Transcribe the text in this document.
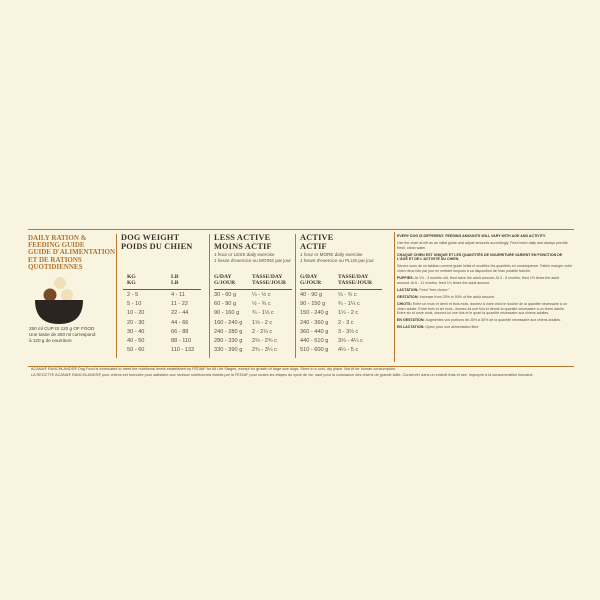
DAILY RATION &
FEEDING GUIDE
GUIDE D'ALIMENTATION
ET DE RATIONS
QUOTIDIENNES
250 ml CUP IS 120 g OF FOOD
Une tasse de 250 ml correspond
à 120 g de nourriture
DOG WEIGHT
POIDS DU CHIEN
KG
KG
LB
LB
2 - 5
5 - 10
10 - 20
20 - 30
30 - 40
40 - 50
50 - 60
4 - 11
11 - 22
22 - 44
44 - 66
66 - 88
88 - 110
110 - 132
LESS ACTIVE
MOINS ACTIF
1 hour or LESS daily exercise
1 heure d'exercice ou MOINS par jour
G/DAY
G/JOUR
TASSE/DAY
TASSE/JOUR
30 - 60 g
60 - 90 g
90 - 160 g
160 - 240 g
240 - 280 g
280 - 330 g
330 - 390 g
¼ - ½ c
½ - ¾ c
¾ - 1⅓ c
1⅓ - 2 c
2 - 2⅓ c
2⅓ - 2¾ c
2¾ - 3¼ c
ACTIVE
ACTIF
1 hour or MORE daily exercise
1 heure d'exercice ou PLUS par jour
G/DAY
G/JOUR
TASSE/DAY
TASSE/JOUR
40 - 90 g
90 - 150 g
150 - 240 g
240 - 360 g
360 - 440 g
440 - 510 g
510 - 600 g
⅓ - ¾ c
¾ - 1¼ c
1¼ - 2 c
2 - 3 c
3 - 3⅔ c
3⅔ - 4¼ c
4¼ - 5 c

EVERY DOG IS DIFFERENT. FEEDING AMOUNTS WILL VARY WITH AGE AND ACTIVITY.

Use the chart at left as an initial guide and adjust amounts accordingly. Feed twice daily and always provide fresh, clean water.

CHAQUE CHIEN EST UNIQUE ET LES QUANTITÉS DE NOURRITURE VARIENT EN FONCTION DE L'ÂGE ET DE L'ACTIVITÉ DU CHIEN.

Servez-vous de ce tableau comme guide initial et modifiez les quantités en conséquence. Faites manger votre chien deux fois par jour en mettant toujours à sa disposition de l'eau potable fraîche.

PUPPIES: At 1½ - 3 months old, feed twice the adult amount. At 3 - 6 months, feed 1½ times the adult amount. At 6 - 11 months, feed 1¼ times the adult amount.

LACTATION: Feed "free choice."

GESTATION: Increase from 25% to 50% of the adult amount.

CHIOTS: Entre un mois et demi et trois mois, donnez à votre chiot le double de la quantité nécessaire à un chien adulte. Entre trois et six mois, donnez-lui une fois et demie la quantité nécessaire à un chien adulte. Entre six et onze mois, donnez-lui une fois et le quart la quantité nécessaire aux chiens adultes.

EN GESTATION: Augmentez vos portions de 25% à 50% de la quantité nécessaire aux chiens adultes.

EN LACTATION: Optez pour une alimentation libre.

ACANA® RANCHLANDS® Dog Food is formulated to meet the nutritional levels established by FEDIAF for All Life Stages, except for growth of large size dogs. Store in a cool, dry place. Not fit for human consumption.
LA RECETTE ACANA® RANCHLANDS® pour chiens est formulée pour satisfaire aux niveaux nutritionnels établis par la FEDIAF pour toutes les étapes du cycle de vie, sauf pour la croissance des chiens de grande taille. Conserver dans un endroit frais et sec. Impropre à la consommation humaine.
